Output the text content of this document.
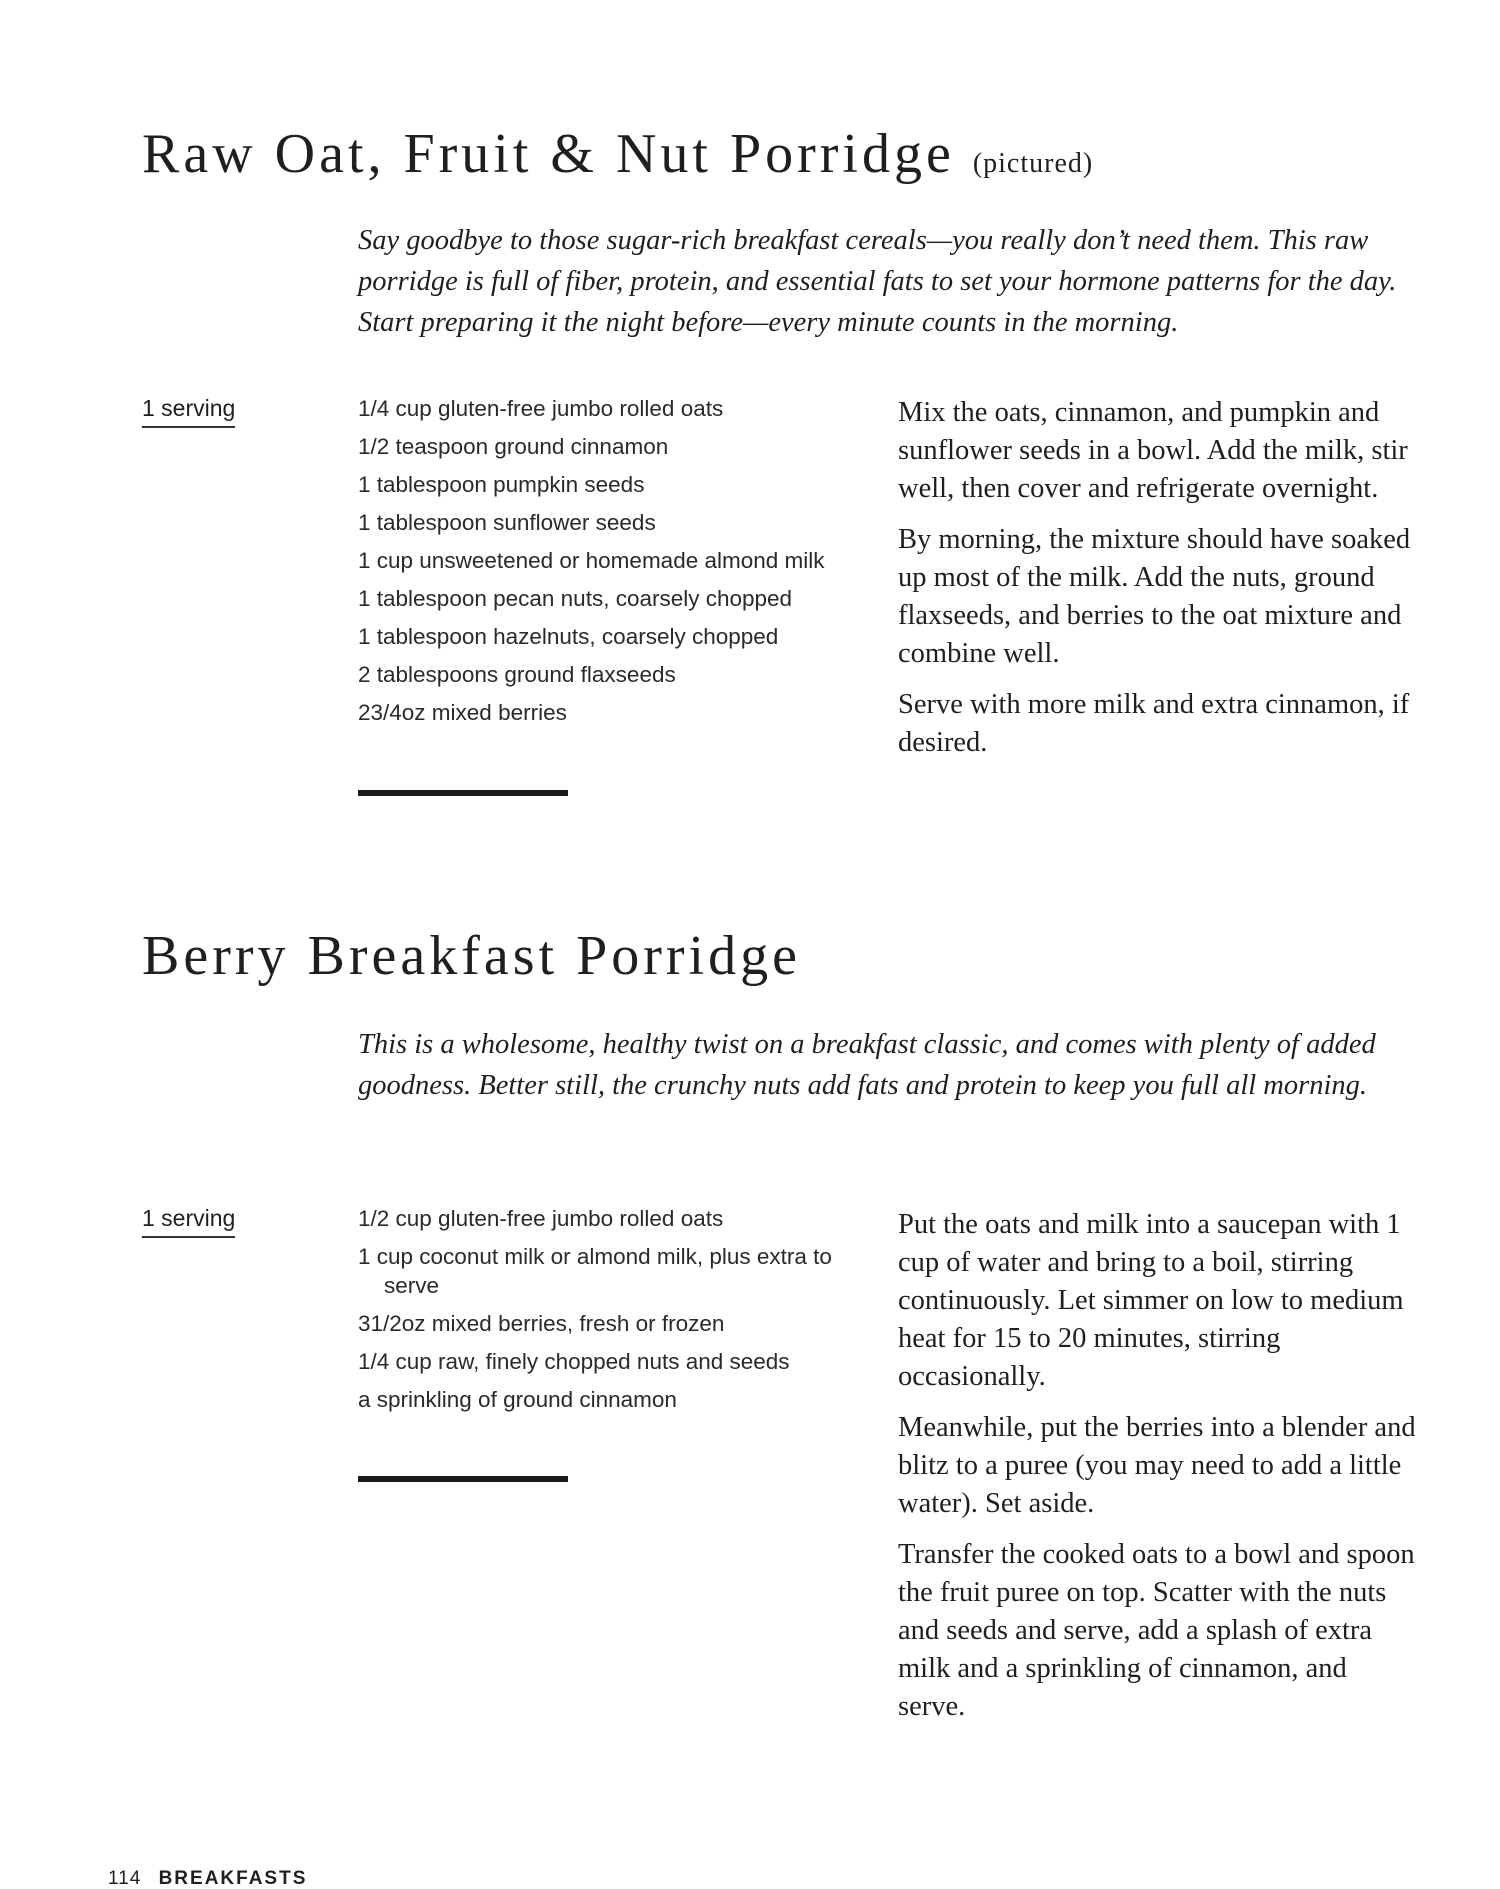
Raw Oat, Fruit & Nut Porridge (pictured)

Say goodbye to those sugar-rich breakfast cereals—you really don’t need them. This raw porridge is full of fiber, protein, and essential fats to set your hormone patterns for the day. Start preparing it the night before—every minute counts in the morning.

1 serving	1/4 cup gluten-free jumbo rolled oats
1/2 teaspoon ground cinnamon
1 tablespoon pumpkin seeds
1 tablespoon sunflower seeds
1 cup unsweetened or homemade almond milk
1 tablespoon pecan nuts, coarsely chopped
1 tablespoon hazelnuts, coarsely chopped
2 tablespoons ground flaxseeds
23/4oz mixed berries

Mix the oats, cinnamon, and pumpkin and sunflower seeds in a bowl. Add the milk, stir well, then cover and refrigerate overnight.

By morning, the mixture should have soaked up most of the milk. Add the nuts, ground flaxseeds, and berries to the oat mixture and combine well.

Serve with more milk and extra cinnamon, if desired.

Berry Breakfast Porridge

This is a wholesome, healthy twist on a breakfast classic, and comes with plenty of added goodness. Better still, the crunchy nuts add fats and protein to keep you full all morning.

1 serving	1/2 cup gluten-free jumbo rolled oats
1 cup coconut milk or almond milk, plus extra to serve
31/2oz mixed berries, fresh or frozen
1/4 cup raw, finely chopped nuts and seeds
a sprinkling of ground cinnamon

Put the oats and milk into a saucepan with 1 cup of water and bring to a boil, stirring continuously. Let simmer on low to medium heat for 15 to 20 minutes, stirring occasionally.

Meanwhile, put the berries into a blender and blitz to a puree (you may need to add a little water). Set aside.

Transfer the cooked oats to a bowl and spoon the fruit puree on top. Scatter with the nuts and seeds and serve, add a splash of extra milk and a sprinkling of cinnamon, and serve.

114 BREAKFASTS
